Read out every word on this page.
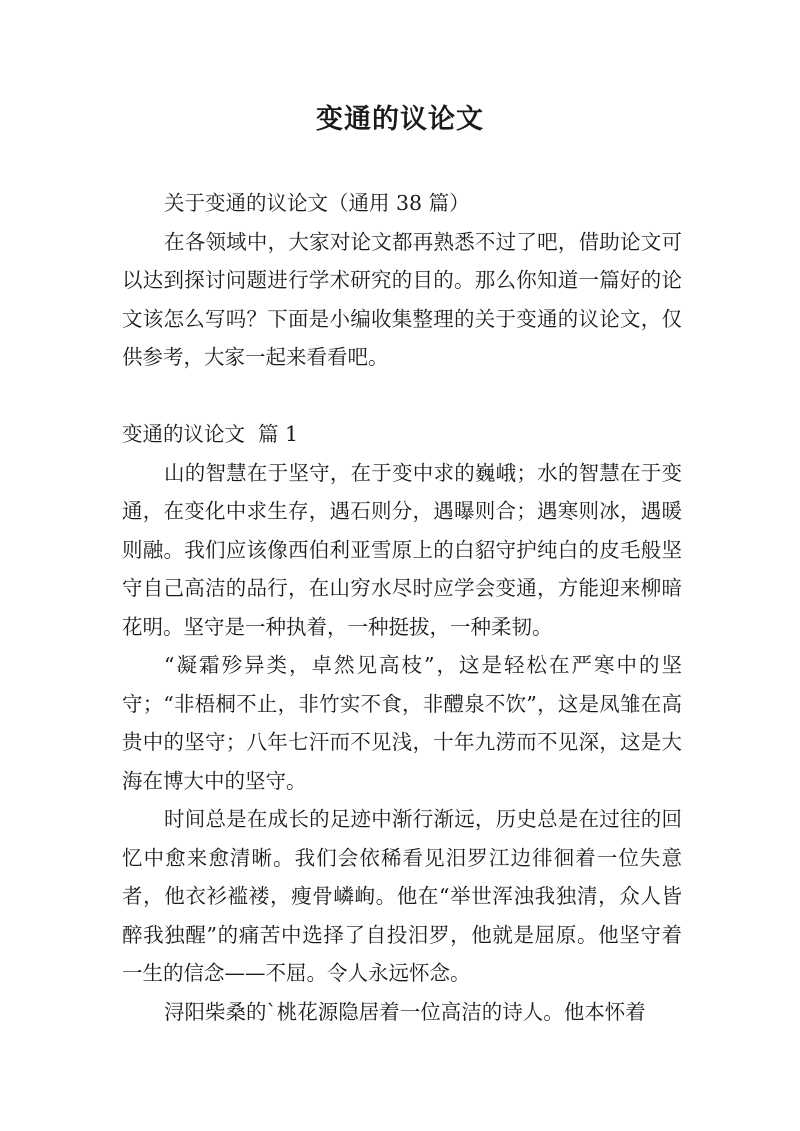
变通的议论文

关于变通的议论文（通用 38 篇）

在各领域中，大家对论文都再熟悉不过了吧，借助论文可以达到探讨问题进行学术研究的目的。那么你知道一篇好的论文该怎么写吗？下面是小编收集整理的关于变通的议论文，仅供参考，大家一起来看看吧。

变通的议论文  篇 1

山的智慧在于坚守，在于变中求的巍峨；水的智慧在于变通，在变化中求生存，遇石则分，遇曝则合；遇寒则冰，遇暖则融。我们应该像西伯利亚雪原上的白貂守护纯白的皮毛般坚守自己高洁的品行，在山穷水尽时应学会变通，方能迎来柳暗花明。坚守是一种执着，一种挺拔，一种柔韧。

“凝霜殄异类，卓然见高枝”，这是轻松在严寒中的坚守；“非梧桐不止，非竹实不食，非醴泉不饮”，这是凤雏在高贵中的坚守；八年七汗而不见浅，十年九涝而不见深，这是大海在博大中的坚守。

时间总是在成长的足迹中渐行渐远，历史总是在过往的回忆中愈来愈清晰。我们会依稀看见汨罗江边徘徊着一位失意者，他衣衫褴褛，瘦骨嶙峋。他在“举世浑浊我独清，众人皆醉我独醒”的痛苦中选择了自投汨罗，他就是屈原。他坚守着一生的信念——不屈。令人永远怀念。

浔阳柴桑的`桃花源隐居着一位高洁的诗人。他本怀着
